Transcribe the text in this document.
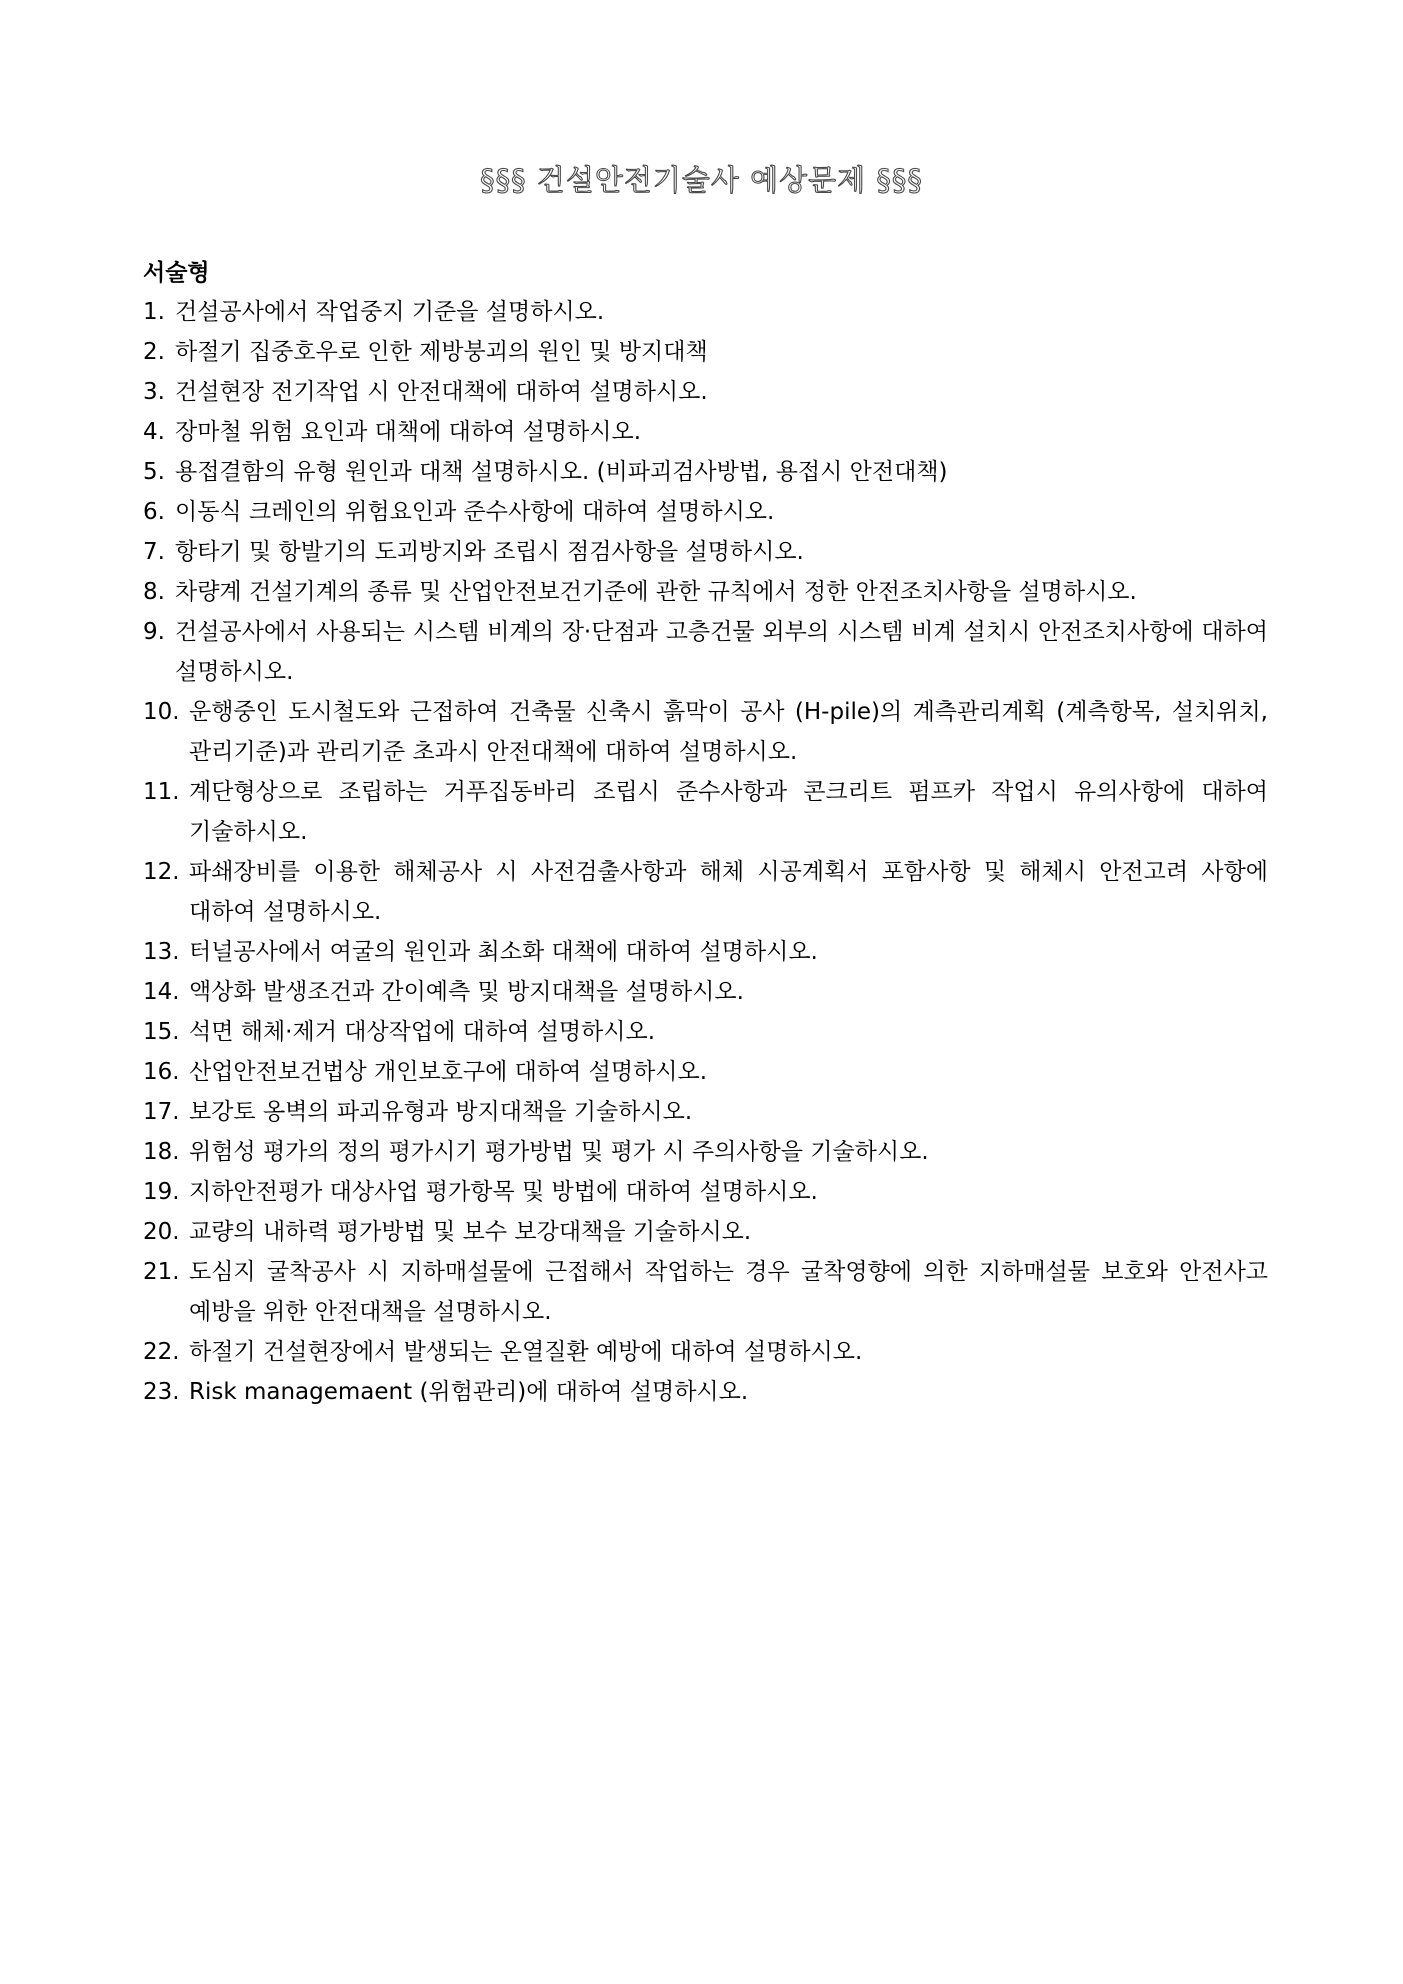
§§§ 건설안전기술사 예상문제 §§§
서술형
1. 건설공사에서 작업중지 기준을 설명하시오.
2. 하절기 집중호우로 인한 제방붕괴의 원인 및 방지대책
3. 건설현장 전기작업 시 안전대책에 대하여 설명하시오.
4. 장마철 위험 요인과 대책에 대하여 설명하시오.
5. 용접결함의 유형 원인과 대책 설명하시오. (비파괴검사방법, 용접시 안전대책)
6. 이동식 크레인의 위험요인과 준수사항에 대하여 설명하시오.
7. 항타기 및 항발기의 도괴방지와 조립시 점검사항을 설명하시오.
8. 차량계 건설기계의 종류 및 산업안전보건기준에 관한 규칙에서 정한 안전조치사항을 설명하시오.
9. 건설공사에서 사용되는 시스템 비계의 장·단점과 고층건물 외부의 시스템 비계 설치시 안전조치사항에 대하여 설명하시오.
10. 운행중인 도시철도와 근접하여 건축물 신축시 흙막이 공사 (H-pile)의 계측관리계획 (계측항목, 설치위치, 관리기준)과 관리기준 초과시 안전대책에 대하여 설명하시오.
11. 계단형상으로 조립하는 거푸집동바리 조립시 준수사항과 콘크리트 펌프카 작업시 유의사항에 대하여 기술하시오.
12. 파쇄장비를 이용한 해체공사 시 사전검출사항과 해체 시공계획서 포함사항 및 해체시 안전고려 사항에 대하여 설명하시오.
13. 터널공사에서 여굴의 원인과 최소화 대책에 대하여 설명하시오.
14. 액상화 발생조건과 간이예측 및 방지대책을 설명하시오.
15. 석면 해체·제거 대상작업에 대하여 설명하시오.
16. 산업안전보건법상 개인보호구에 대하여 설명하시오.
17. 보강토 옹벽의 파괴유형과 방지대책을 기술하시오.
18. 위험성 평가의 정의 평가시기 평가방법 및 평가 시 주의사항을 기술하시오.
19. 지하안전평가 대상사업 평가항목 및 방법에 대하여 설명하시오.
20. 교량의 내하력 평가방법 및 보수 보강대책을 기술하시오.
21. 도심지 굴착공사 시 지하매설물에 근접해서 작업하는 경우 굴착영향에 의한 지하매설물 보호와 안전사고 예방을 위한 안전대책을 설명하시오.
22. 하절기 건설현장에서 발생되는 온열질환 예방에 대하여 설명하시오.
23. Risk managemaent (위험관리)에 대하여 설명하시오.
